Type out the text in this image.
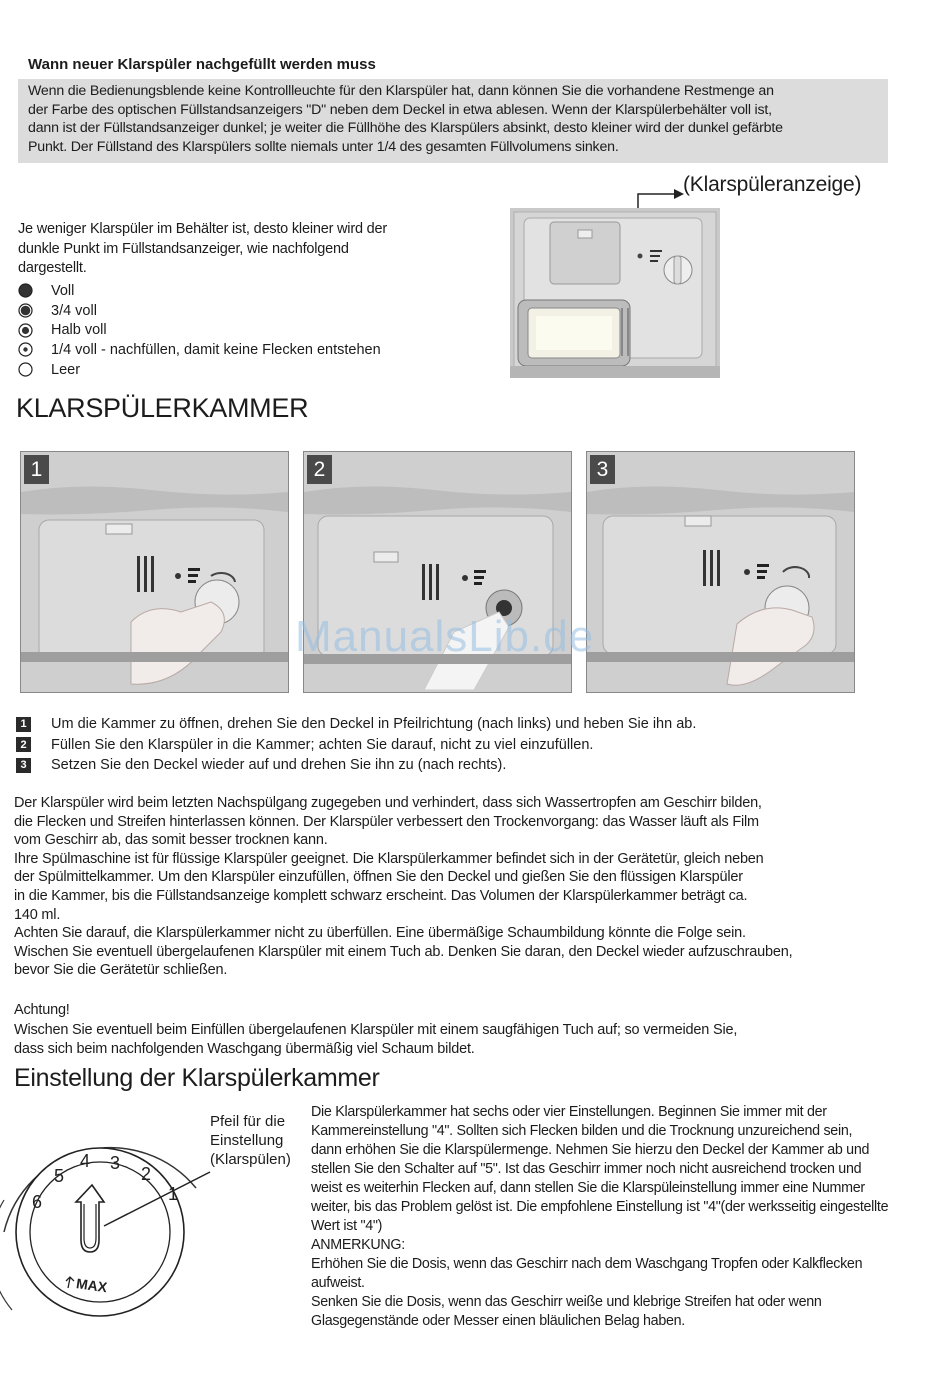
Wann neuer Klarspüler nachgefüllt werden muss

Wenn die Bedienungsblende keine Kontrollleuchte für den Klarspüler hat, dann können Sie die vorhandene Restmenge an

der Farbe des optischen Füllstandsanzeigers "D" neben dem Deckel in etwa ablesen. Wenn der Klarspülerbehälter voll ist,

dann ist der Füllstandsanzeiger dunkel; je weiter die Füllhöhe des Klarspülers absinkt, desto kleiner wird der dunkel gefärbte

Punkt. Der Füllstand des Klarspülers sollte niemals unter 1/4 des gesamten Füllvolumens sinken.

Je weniger Klarspüler im Behälter ist, desto kleiner wird der
dunkle Punkt im Füllstandsanzeiger, wie nachfolgend
dargestellt.
Voll
3/4 voll
Halb voll
1/4 voll - nachfüllen, damit keine Flecken entstehen
Leer
(Klarspüleranzeige)
KLARSPÜLERKAMMER
1	2	3
ManualsLib.de
1	Um die Kammer zu öffnen, drehen Sie den Deckel in Pfeilrichtung (nach links) und heben Sie ihn ab.
2	Füllen Sie den Klarspüler in die Kammer; achten Sie darauf, nicht zu viel einzufüllen.
3	Setzen Sie den Deckel wieder auf und drehen Sie ihn zu (nach rechts).
Der Klarspüler wird beim letzten Nachspülgang zugegeben und verhindert, dass sich Wassertropfen am Geschirr bilden,
die Flecken und Streifen hinterlassen können. Der Klarspüler verbessert den Trockenvorgang: das Wasser läuft als Film
vom Geschirr ab, das somit besser trocknen kann.
Ihre Spülmaschine ist für flüssige Klarspüler geeignet. Die Klarspülerkammer befindet sich in der Gerätetür, gleich neben
der Spülmittelkammer. Um den Klarspüler einzufüllen, öffnen Sie den Deckel und gießen Sie den flüssigen Klarspüler
in die Kammer, bis die Füllstandsanzeige komplett schwarz erscheint. Das Volumen der Klarspülerkammer beträgt ca.
140 ml.
Achten Sie darauf, die Klarspülerkammer nicht zu überfüllen. Eine übermäßige Schaumbildung könnte die Folge sein.
Wischen Sie eventuell übergelaufenen Klarspüler mit einem Tuch ab. Denken Sie daran, den Deckel wieder aufzuschrauben,
bevor Sie die Gerätetür schließen.
Achtung!
Wischen Sie eventuell beim Einfüllen übergelaufenen Klarspüler mit einem saugfähigen Tuch auf; so vermeiden Sie,
dass sich beim nachfolgenden Waschgang übermäßig viel Schaum bildet.
Einstellung der Klarspülerkammer
Pfeil für die
Einstellung
(Klarspülen)
1
2
3
4
5
6
MAX
Die Klarspülerkammer hat sechs oder vier Einstellungen. Beginnen Sie immer mit der
Kammereinstellung "4". Sollten sich Flecken bilden und die Trocknung unzureichend sein,
dann erhöhen Sie die Klarspülermenge. Nehmen Sie hierzu den Deckel der Kammer ab und
stellen Sie den Schalter auf "5". Ist das Geschirr immer noch nicht ausreichend trocken und
weist es weiterhin Flecken auf, dann stellen Sie die Klarspüleinstellung immer eine Nummer
weiter, bis das Problem gelöst ist. Die empfohlene Einstellung ist "4"(der werksseitig eingestellte
Wert ist "4")
ANMERKUNG:
Erhöhen Sie die Dosis, wenn das Geschirr nach dem Waschgang Tropfen oder Kalkflecken
aufweist.
Senken Sie die Dosis, wenn das Geschirr weiße und klebrige Streifen hat oder wenn
Glasgegenstände oder Messer einen bläulichen Belag haben.
